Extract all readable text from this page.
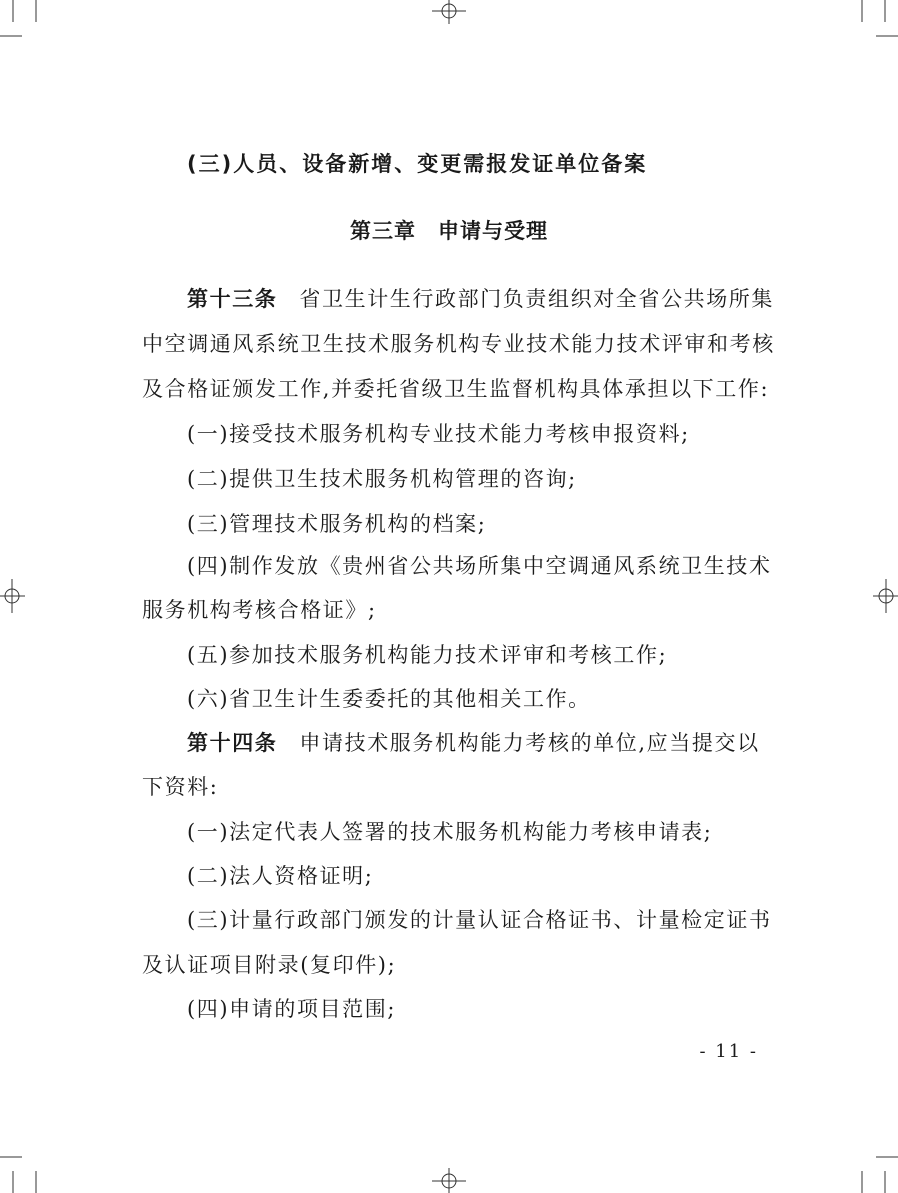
(三)人员、设备新增、变更需报发证单位备案
第三章　申请与受理
第十三条 省卫生计生行政部门负责组织对全省公共场所集
中空调通风系统卫生技术服务机构专业技术能力技术评审和考核
及合格证颁发工作,并委托省级卫生监督机构具体承担以下工作:
(一)接受技术服务机构专业技术能力考核申报资料;
(二)提供卫生技术服务机构管理的咨询;
(三)管理技术服务机构的档案;
(四)制作发放《贵州省公共场所集中空调通风系统卫生技术
服务机构考核合格证》;
(五)参加技术服务机构能力技术评审和考核工作;
(六)省卫生计生委委托的其他相关工作。
第十四条 申请技术服务机构能力考核的单位,应当提交以
下资料:
(一)法定代表人签署的技术服务机构能力考核申请表;
(二)法人资格证明;
(三)计量行政部门颁发的计量认证合格证书、计量检定证书
及认证项目附录(复印件);
(四)申请的项目范围;
- 11 -
